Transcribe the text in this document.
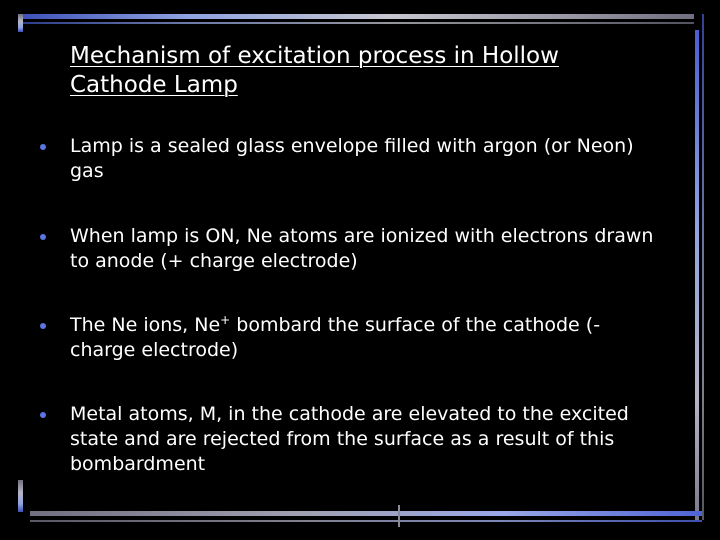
Mechanism of excitation process in Hollow Cathode Lamp
Lamp is a sealed glass envelope filled with argon (or Neon) gas
When lamp is ON, Ne atoms are ionized with electrons drawn to anode (+ charge electrode)
The Ne ions, Ne+ bombard the surface of the cathode (-charge electrode)
Metal atoms, M, in the cathode are elevated to the excited state and are rejected from the surface as a result of this bombardment
